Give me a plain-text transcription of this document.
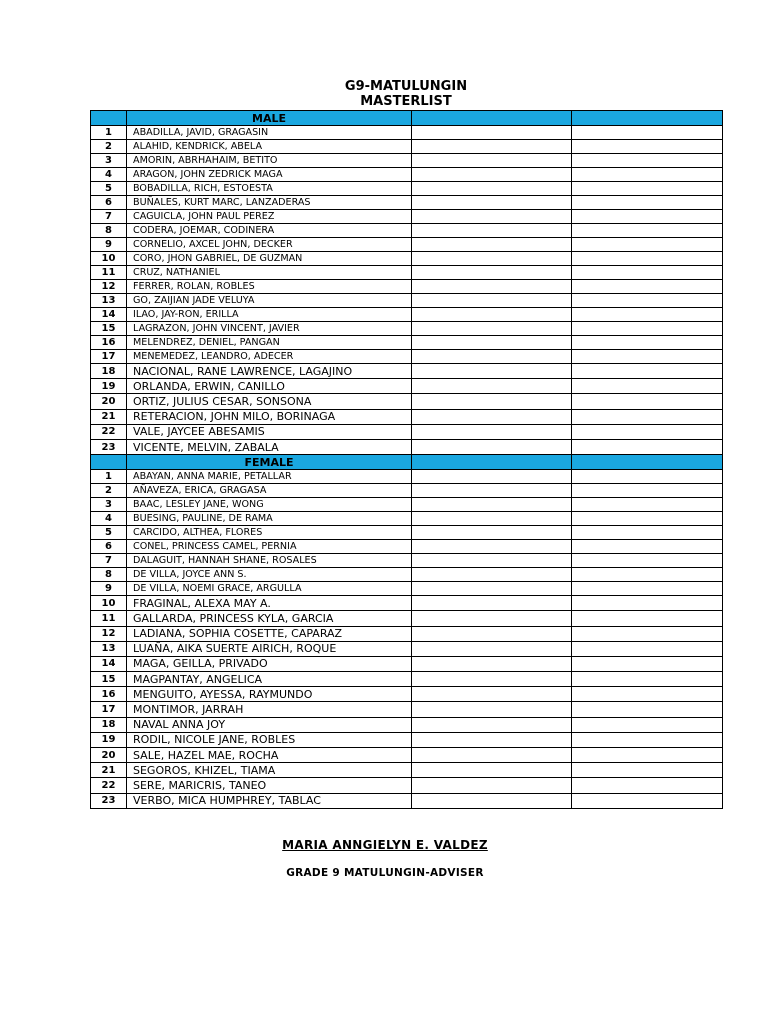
G9-MATULUNGIN
MASTERLIST
	MALE		
1	ABADILLA, JAVID, GRAGASIN		
2	ALAHID, KENDRICK, ABELA		
3	AMORIN, ABRHAHAIM, BETITO		
4	ARAGON, JOHN ZEDRICK MAGA		
5	BOBADILLA, RICH, ESTOESTA		
6	BUÑALES, KURT MARC, LANZADERAS		
7	CAGUICLA, JOHN PAUL PEREZ		
8	CODERA, JOEMAR, CODINERA		
9	CORNELIO, AXCEL JOHN, DECKER		
10	CORO, JHON GABRIEL, DE GUZMAN		
11	CRUZ, NATHANIEL		
12	FERRER, ROLAN, ROBLES		
13	GO, ZAIJIAN JADE VELUYA		
14	ILAO, JAY-RON, ERILLA		
15	LAGRAZON, JOHN VINCENT, JAVIER		
16	MELENDREZ, DENIEL, PANGAN		
17	MENEMEDEZ, LEANDRO, ADECER		
18	NACIONAL, RANE LAWRENCE, LAGAJINO		
19	ORLANDA, ERWIN, CANILLO		
20	ORTIZ, JULIUS CESAR, SONSONA		
21	RETERACION, JOHN MILO, BORINAGA		
22	VALE, JAYCEE ABESAMIS		
23	VICENTE, MELVIN, ZABALA		
	FEMALE		
1	ABAYAN, ANNA MARIE, PETALLAR		
2	AÑAVEZA, ERICA, GRAGASA		
3	BAAC, LESLEY JANE, WONG		
4	BUESING, PAULINE, DE RAMA		
5	CARCIDO, ALTHEA, FLORES		
6	CONEL, PRINCESS CAMEL, PERNIA		
7	DALAGUIT, HANNAH SHANE, ROSALES		
8	DE VILLA, JOYCE ANN S.		
9	DE VILLA, NOEMI GRACE, ARGULLA		
10	FRAGINAL, ALEXA MAY A.		
11	GALLARDA, PRINCESS KYLA, GARCIA		
12	LADIANA, SOPHIA COSETTE, CAPARAZ		
13	LUAÑA, AIKA SUERTE AIRICH, ROQUE		
14	MAGA, GEILLA, PRIVADO		
15	MAGPANTAY, ANGELICA		
16	MENGUITO, AYESSA, RAYMUNDO		
17	MONTIMOR, JARRAH		
18	NAVAL ANNA JOY		
19	RODIL, NICOLE JANE, ROBLES		
20	SALE, HAZEL MAE, ROCHA		
21	SEGOROS, KHIZEL, TIAMA		
22	SERE, MARICRIS, TANEO		
23	VERBO, MICA HUMPHREY, TABLAC		
MARIA ANNGIELYN E. VALDEZ
GRADE 9 MATULUNGIN-ADVISER
